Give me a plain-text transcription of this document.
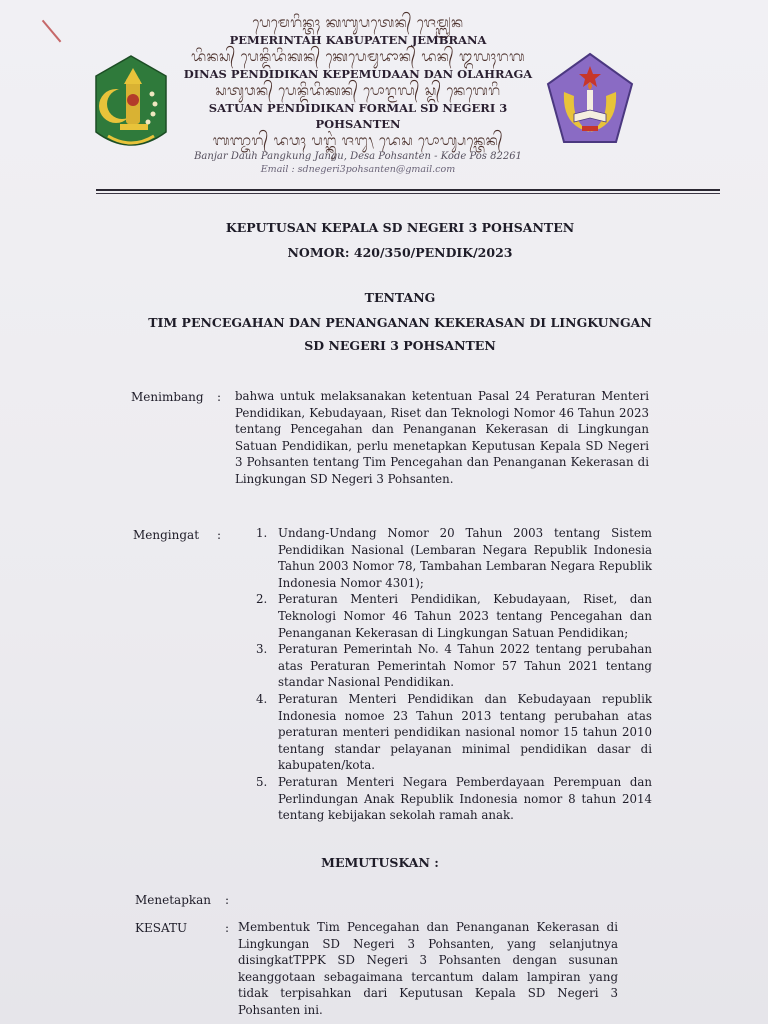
ᬧᬾᬫᬾᬭᬶᬦ᭄ᬢᬄ ᬓᬩᬸᬧᬢᬾᬦ᭄ ᬚᬾᬫ᭄ᬩ᭄ᬭᬦ
PEMERINTAH KABUPATEN JEMBRANA
ᬤᬶᬦᬲ᭄ ᬧᬾᬦ᭄ᬤᬶᬤᬶᬓᬦ᭄ ᬓᬾᬧᬾᬫᬸᬤᬵᬦ᭄ ᬤᬦ᭄ ᬑᬮᬄᬭᬕ
DINAS PENDIDIKAN KEPEMUDAAN DAN OLAHRAGA
ᬲᬢᬸᬯᬦ᭄ ᬧᬾᬦ᭄ᬤᬶᬤᬶᬓᬦ᭄ ᬧᭀᬭ᭄ᬫᬮ᭄ ᬲ᭄ᬤ᭄ ᬦᬾᬕᬾᬭᬶ
SATUAN PENDIDIKAN FORMAL SD NEGERI 3 POHSANTEN
ᬩᬜ᭄ᬚᬭ᭄ ᬤᬯᬄ ᬧᬗ᭄ᬓᬸᬂ ᬚᬗᬸ᭞ ᬤᬾᬲ ᬧᭀᬳ᭄ᬲᬦ᭄ᬢᬾᬦ᭄
Banjar Dauh Pangkung Jangu, Desa Pohsanten - Kode Pos 82261
Email : sdnegeri3pohsanten@gmail.com
KEPUTUSAN KEPALA SD NEGERI 3 POHSANTEN
NOMOR: 420/350/PENDIK/2023
TENTANG
TIM PENCEGAHAN DAN PENANGANAN KEKERASAN DI LINGKUNGAN
SD NEGERI 3 POHSANTEN
Menimbang : bahwa untuk melaksanakan ketentuan Pasal 24 Peraturan Menteri Pendidikan, Kebudayaan, Riset dan Teknologi Nomor 46 Tahun 2023 tentang Pencegahan dan Penanganan Kekerasan di Lingkungan Satuan Pendidikan, perlu menetapkan Keputusan Kepala SD Negeri 3 Pohsanten tentang Tim Pencegahan dan Penanganan Kekerasan di Lingkungan SD Negeri 3 Pohsanten.
Mengingat :	1. Undang-Undang Nomor 20 Tahun 2003 tentang Sistem Pendidikan Nasional (Lembaran Negara Republik Indonesia Tahun 2003 Nomor 78, Tambahan Lembaran Negara Republik Indonesia Nomor 4301);
2. Peraturan Menteri Pendidikan, Kebudayaan, Riset, dan Teknologi Nomor 46 Tahun 2023 tentang Pencegahan dan Penanganan Kekerasan di Lingkungan Satuan Pendidikan;
3. Peraturan Pemerintah No. 4 Tahun 2022 tentang perubahan atas Peraturan Pemerintah Nomor 57 Tahun 2021 tentang standar Nasional Pendidikan.
4. Peraturan Menteri Pendidikan dan Kebudayaan republik Indonesia nomoe 23 Tahun 2013 tentang perubahan atas peraturan menteri pendidikan nasional nomor 15 tahun 2010 tentang standar pelayanan minimal pendidikan dasar di kabupaten/kota.
5. Peraturan Menteri Negara Pemberdayaan Perempuan dan Perlindungan Anak Republik Indonesia nomor 8 tahun 2014 tentang kebijakan sekolah ramah anak.
MEMUTUSKAN :
Menetapkan :
KESATU	: Membentuk Tim Pencegahan dan Penanganan Kekerasan di Lingkungan SD Negeri 3 Pohsanten, yang selanjutnya disingkatTPPK SD Negeri 3 Pohsanten dengan susunan keanggotaan sebagaimana tercantum dalam lampiran yang tidak terpisahkan dari Keputusan Kepala SD Negeri 3 Pohsanten ini.
